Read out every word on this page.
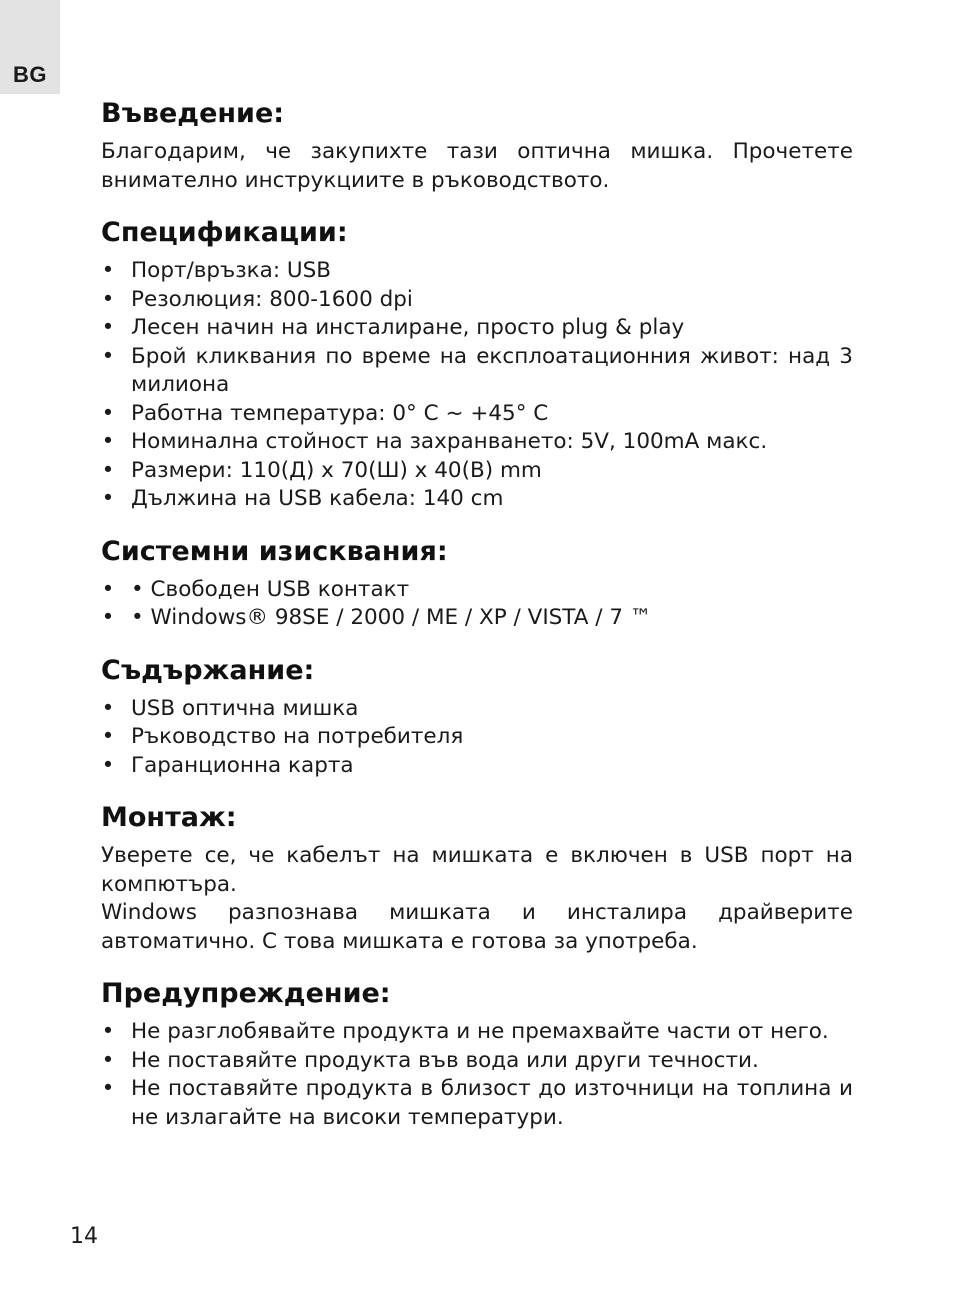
BG
Въведение:

Благодарим, че закупихте тази оптична мишка. Прочетете внимателно инструкциите в ръководството.

Спецификации:
• Порт/връзка: USB
• Резолюция: 800-1600 dpi
• Лесен начин на инсталиране, просто plug & play
• Брой кликвания по време на експлоатационния живот: над 3 милиона
• Работна температура: 0° C ~ +45° C
• Номинална стойност на захранването: 5V, 100mA макс.
• Размери: 110(Д) x 70(Ш) x 40(В) mm
• Дължина на USB кабела: 140 cm
Системни изисквания:
• • Свободен USB контакт
• • Windows® 98SE / 2000 / ME / XP / VISTA / 7 ™
Съдържание:
• USB оптична мишка
• Ръководство на потребителя
• Гаранционна карта
Монтаж:

Уверете се, че кабелът на мишката е включен в USB порт на компютъра.

Windows разпознава мишката и инсталира драйверите автоматично. С това мишката е готова за употреба.

Предупреждение:
• Не разглобявайте продукта и не премахвайте части от него.
• Не поставяйте продукта във вода или други течности.
• Не поставяйте продукта в близост до източници на топлина и не излагайте на високи температури.
14
